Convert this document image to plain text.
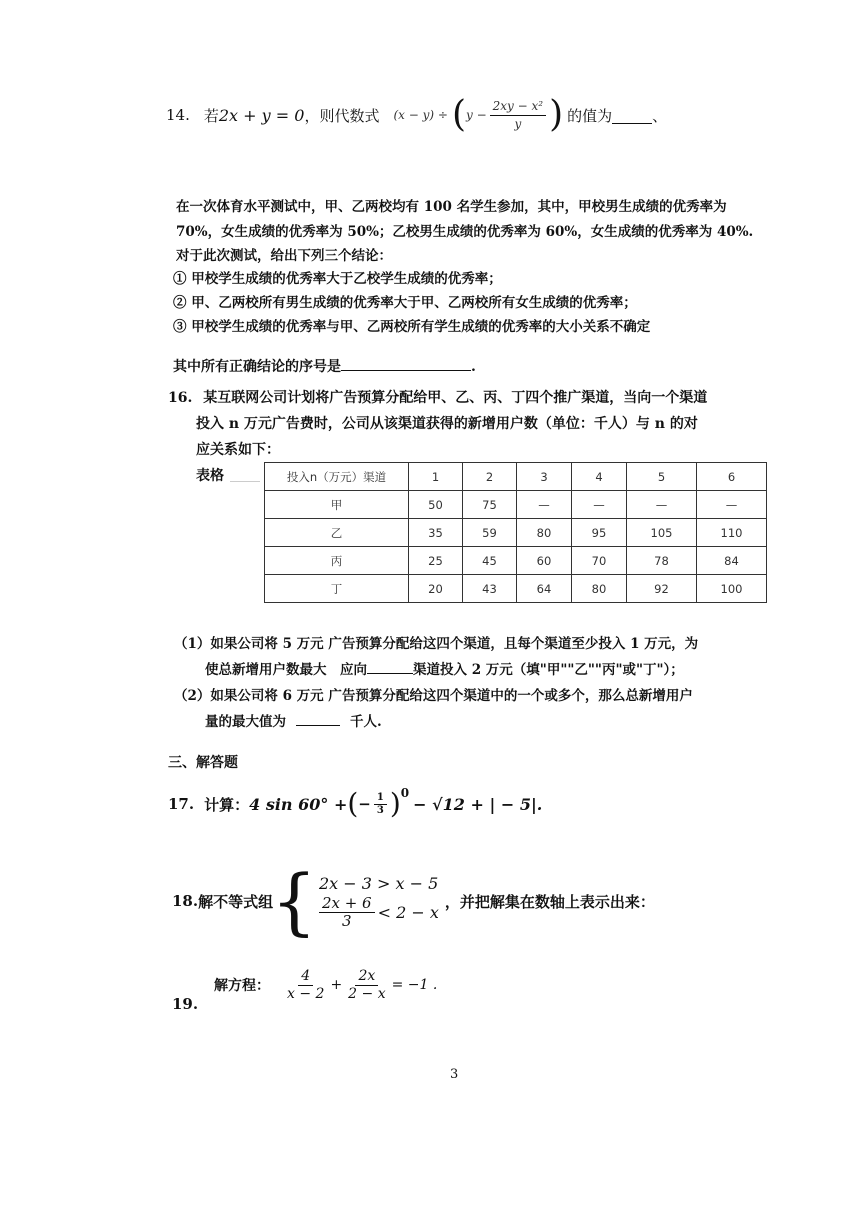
14. 若 2x + y = 0 ，则代数式 (x − y) ÷ ( $y - \frac{\text{2xy − x²}}{y}$ ) 的值为	、
在一次体育水平测试中，甲、乙两校均有 100 名学生参加，其中，甲校男生成绩的优秀率为
70%，女生成绩的优秀率为 50%；乙校男生成绩的优秀率为 60%，女生成绩的优秀率为 40%.
对于此次测试，给出下列三个结论：
① 甲校学生成绩的优秀率大于乙校学生成绩的优秀率；
② 甲、乙两校所有男生成绩的优秀率大于甲、乙两校所有女生成绩的优秀率；
③ 甲校学生成绩的优秀率与甲、乙两校所有学生成绩的优秀率的大小关系不确定
其中所有正确结论的序号是	.
16. 某互联网公司计划将广告预算分配给甲、乙、丙、丁四个推广渠道，当向一个渠道
投入 n 万元广告费时，公司从该渠道获得的新增用户数（单位：千人）与 n 的对
应关系如下：
表格	投入n（万元）渠道	1	2	3	4	5	6
甲	50	75	—	—	—	—
乙	35	59	80	95	105	110
丙	25	45	60	70	78	84
丁	20	43	64	80	92	100
（1）如果公司将 5 万元 广告预算分配给这四个渠道，且每个渠道至少投入 1 万元，为
使总新增用户数最大　应向	渠道投入 2 万元（填"甲""乙""丙"或"丁"）；
（2）如果公司将 6 万元 广告预算分配给这四个渠道中的一个或多个，那么总新增用户
量的最大值为	千人.
三、解答题
17. 计算： 4 sin 60° + ( − $\frac{1}{3} )^0$
− √12 + | − 5|.
18. 解不等式组
{ 2x − 3 > x − 5
$\frac{2x + 6}{3} < 2 - x$
，并把解集在数轴上表示出来：
解方程： $\frac{4}{x - 2} + \frac{2x}{2 - x} = -1$ .
19.
3
